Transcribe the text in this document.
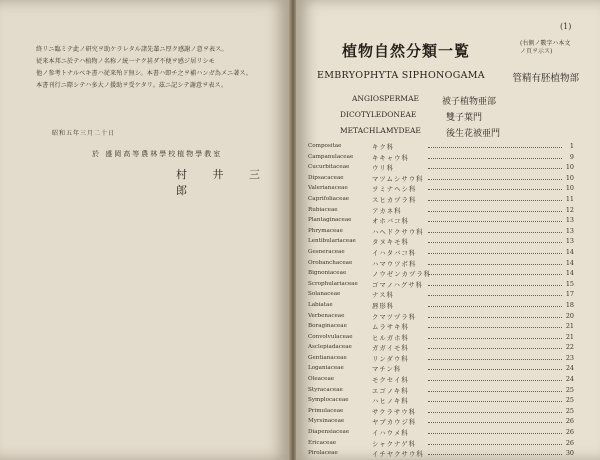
終リニ臨ミテ此ノ研究ヲ助ケラレタル諸先輩ニ厚ク感謝ノ意ヲ表ス。

従来本邦ニ於テハ植物ノ名称ノ統一ナク甚ダ不便ヲ感ジ居リシモ

他ノ参考トナルベキ書ハ従来殆ド無シ。本書ハ即チ之ヲ補ハンガ為メニ著ス。

本書刊行ニ際シテハ多大ノ援助ヲ受ケタリ。茲ニ記シテ謝意ヲ表ス。

昭和五年三月二十日
於 盛岡高等農林學校植物學教室
村 井 三 郎
(1)
植物自然分類一覧	(右側ノ數字ハ本文ノ頁ヲ示ス)
EMBRYOPHYTA SIPHONOGAMA	管精有胚植物部
ANGIOSPERMAE	被子植物亜部
DICOTYLEDONEAE	雙子葉門
METACHLAMYDEAE	後生花被亜門
Compositae	キク科	1
Campanulaceae	キキャウ科	9
Cucurbitaceae	ウリ科	10
Dipsacaceae	マツムシサウ科	10
Valerianaceae	ヲミナヘシ科	10
Caprifoliaceae	スヒカヅラ科	11
Rubiaceae	アカネ科	12
Plantaginaceae	オホバコ科	13
Phrymaceae	ハヘドクサウ科	13
Lentibulariaceae	タヌキモ科	13
Gesneraceae	イハタバコ科	14
Orobanchaceae	ハマウツボ科	14
Bignoniaceae	ノウゼンカヅラ科	14
Scrophulariaceae ゴマノハグサ科	15
Solanaceae	ナス科	17
Labiatae	唇形科	18
Verbenaceae	クマツヅラ科	20
Boraginaceae	ムラサキ科	21
Convolvulaceae	ヒルガホ科	21
Asclepiadaceae	ガガイモ科	22
Gentianaceae	リンダウ科	23
Loganiaceae	マチン科	24
Oleaceae	モクセイ科	24
Styracaceae	エゴノキ科	25
Symplocaceae	ハヒノキ科	25
Primulaceae	サクラサウ科	25
Myrsinaceae	ヤブカウジ科	26
Diapensiaceae	イハウメ科	26
Ericaceae	シャクナゲ科	26
Pirolaceae	イチヤクサウ科	30
